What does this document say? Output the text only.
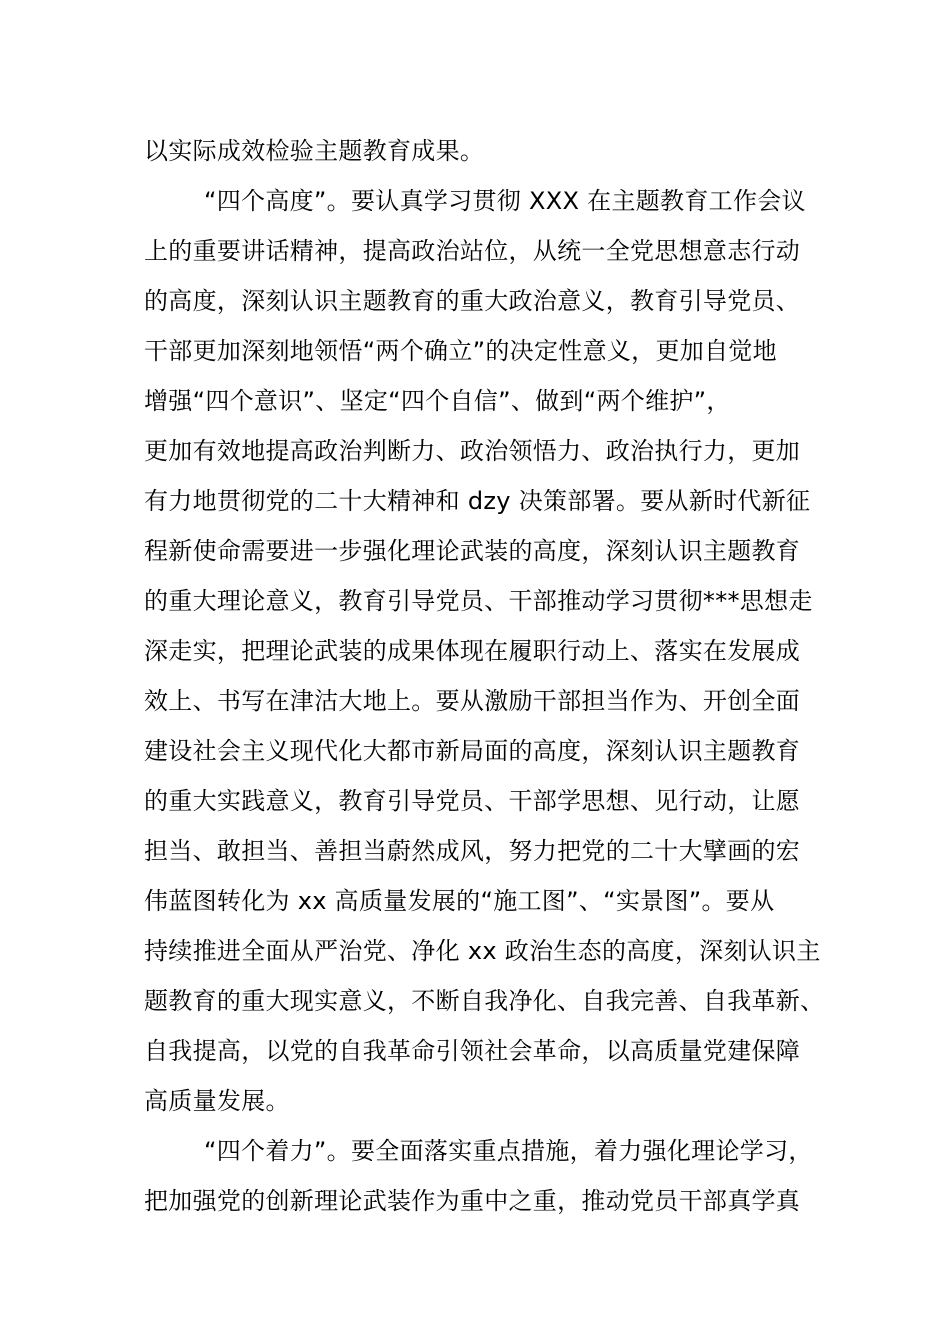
以实际成效检验主题教育成果。
“四个高度”。要认真学习贯彻 XXX 在主题教育工作会议
上的重要讲话精神，提高政治站位，从统一全党思想意志行动
的高度，深刻认识主题教育的重大政治意义，教育引导党员、
干部更加深刻地领悟“两个确立”的决定性意义，更加自觉地
增强“四个意识”、坚定“四个自信”、做到“两个维护”，
更加有效地提高政治判断力、政治领悟力、政治执行力，更加
有力地贯彻党的二十大精神和 dzy 决策部署。要从新时代新征
程新使命需要进一步强化理论武装的高度，深刻认识主题教育
的重大理论意义，教育引导党员、干部推动学习贯彻***思想走
深走实，把理论武装的成果体现在履职行动上、落实在发展成
效上、书写在津沽大地上。要从激励干部担当作为、开创全面
建设社会主义现代化大都市新局面的高度，深刻认识主题教育
的重大实践意义，教育引导党员、干部学思想、见行动，让愿
担当、敢担当、善担当蔚然成风，努力把党的二十大擘画的宏
伟蓝图转化为 xx 高质量发展的“施工图”、“实景图”。要从
持续推进全面从严治党、净化 xx 政治生态的高度，深刻认识主
题教育的重大现实意义，不断自我净化、自我完善、自我革新、
自我提高，以党的自我革命引领社会革命，以高质量党建保障
高质量发展。
“四个着力”。要全面落实重点措施，着力强化理论学习，
把加强党的创新理论武装作为重中之重，推动党员干部真学真
